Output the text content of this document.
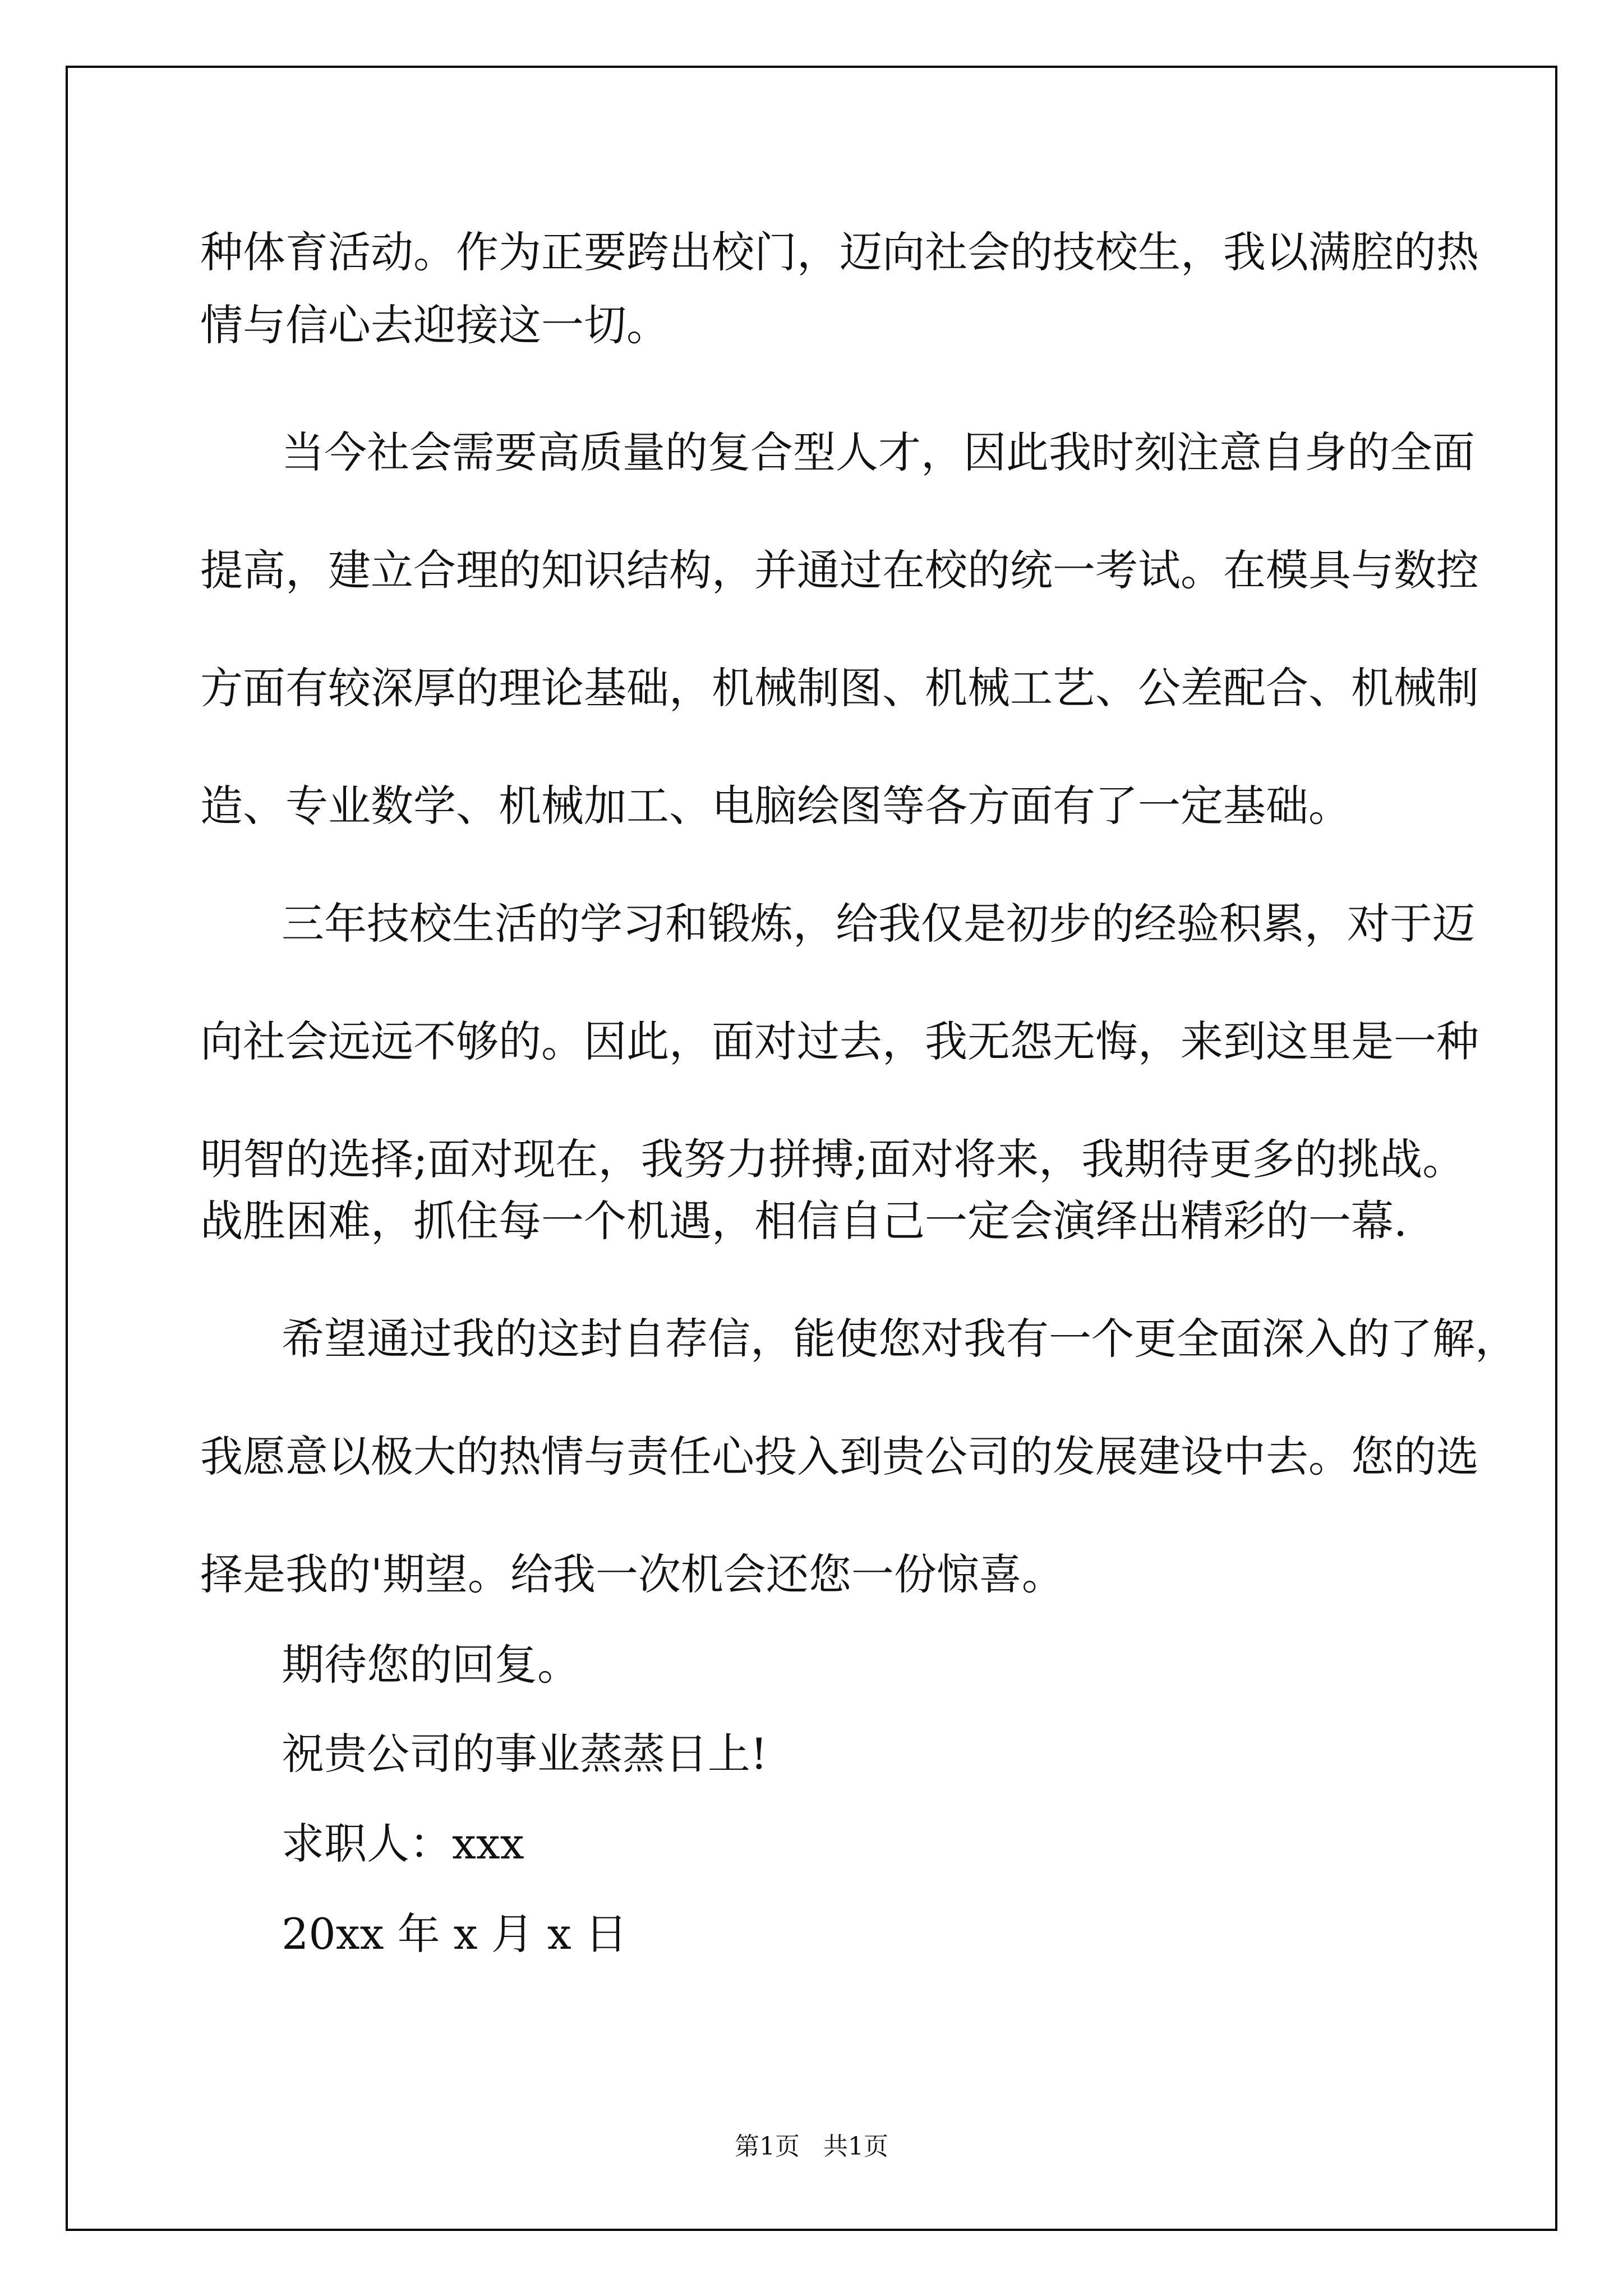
种体育活动。作为正要跨出校门，迈向社会的技校生，我以满腔的热
情与信心去迎接这一切。
当今社会需要高质量的复合型人才，因此我时刻注意自身的全面
提高，建立合理的知识结构，并通过在校的统一考试。在模具与数控
方面有较深厚的理论基础，机械制图、机械工艺、公差配合、机械制
造、专业数学、机械加工、电脑绘图等各方面有了一定基础。
三年技校生活的学习和锻炼，给我仅是初步的经验积累，对于迈
向社会远远不够的。因此，面对过去，我无怨无悔，来到这里是一种
明智的选择;面对现在，我努力拼搏;面对将来，我期待更多的挑战。
战胜困难，抓住每一个机遇，相信自己一定会演绎出精彩的一幕.
希望通过我的这封自荐信，能使您对我有一个更全面深入的了解，
我愿意以极大的热情与责任心投入到贵公司的发展建设中去。您的选
择是我的'期望。给我一次机会还您一份惊喜。
期待您的回复。
祝贵公司的事业蒸蒸日上!
求职人：xxx
20xx 年 x 月 x 日
第1页   共1页
